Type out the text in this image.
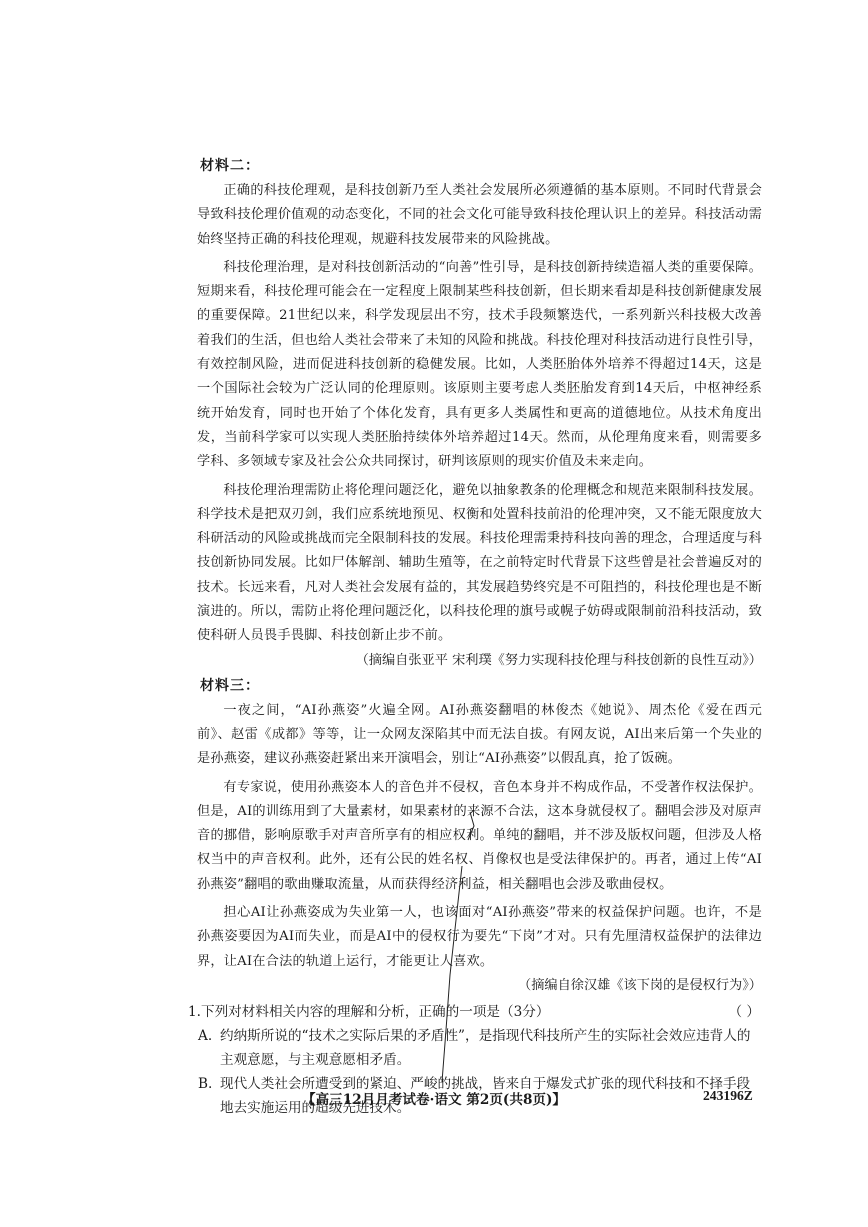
材料二：

正确的科技伦理观，是科技创新乃至人类社会发展所必须遵循的基本原则。不同时代背景会导致科技伦理价值观的动态变化，不同的社会文化可能导致科技伦理认识上的差异。科技活动需始终坚持正确的科技伦理观，规避科技发展带来的风险挑战。

科技伦理治理，是对科技创新活动的“向善”性引导，是科技创新持续造福人类的重要保障。短期来看，科技伦理可能会在一定程度上限制某些科技创新，但长期来看却是科技创新健康发展的重要保障。21世纪以来，科学发现层出不穷，技术手段频繁迭代，一系列新兴科技极大改善着我们的生活，但也给人类社会带来了未知的风险和挑战。科技伦理对科技活动进行良性引导，有效控制风险，进而促进科技创新的稳健发展。比如，人类胚胎体外培养不得超过14天，这是一个国际社会较为广泛认同的伦理原则。该原则主要考虑人类胚胎发育到14天后，中枢神经系统开始发育，同时也开始了个体化发育，具有更多人类属性和更高的道德地位。从技术角度出发，当前科学家可以实现人类胚胎持续体外培养超过14天。然而，从伦理角度来看，则需要多学科、多领域专家及社会公众共同探讨，研判该原则的现实价值及未来走向。

科技伦理治理需防止将伦理问题泛化，避免以抽象教条的伦理概念和规范来限制科技发展。科学技术是把双刃剑，我们应系统地预见、权衡和处置科技前沿的伦理冲突，又不能无限度放大科研活动的风险或挑战而完全限制科技的发展。科技伦理需秉持科技向善的理念，合理适度与科技创新协同发展。比如尸体解剖、辅助生殖等，在之前特定时代背景下这些曾是社会普遍反对的技术。长远来看，凡对人类社会发展有益的，其发展趋势终究是不可阻挡的，科技伦理也是不断演进的。所以，需防止将伦理问题泛化，以科技伦理的旗号或幌子妨碍或限制前沿科技活动，致使科研人员畏手畏脚、科技创新止步不前。

（摘编自张亚平 宋利璞《努力实现科技伦理与科技创新的良性互动》）
材料三：

一夜之间，“AI孙燕姿”火遍全网。AI孙燕姿翻唱的林俊杰《她说》、周杰伦《爱在西元前》、赵雷《成都》等等，让一众网友深陷其中而无法自拔。有网友说，AI出来后第一个失业的是孙燕姿，建议孙燕姿赶紧出来开演唱会，别让“AI孙燕姿”以假乱真，抢了饭碗。

有专家说，使用孙燕姿本人的音色并不侵权，音色本身并不构成作品，不受著作权法保护。但是，AI的训练用到了大量素材，如果素材的来源不合法，这本身就侵权了。翻唱会涉及对原声音的挪借，影响原歌手对声音所享有的相应权利。单纯的翻唱，并不涉及版权问题，但涉及人格权当中的声音权利。此外，还有公民的姓名权、肖像权也是受法律保护的。再者，通过上传“AI孙燕姿”翻唱的歌曲赚取流量，从而获得经济利益，相关翻唱也会涉及歌曲侵权。

担心AI让孙燕姿成为失业第一人，也该面对“AI孙燕姿”带来的权益保护问题。也许，不是孙燕姿要因为AI而失业，而是AI中的侵权行为要先“下岗”才对。只有先厘清权益保护的法律边界，让AI在合法的轨道上运行，才能更让人喜欢。

（摘编自徐汉雄《该下岗的是侵权行为》）
1.下列对材料相关内容的理解和分析，正确的一项是（3分）	（ ）
A. 约纳斯所说的“技术之实际后果的矛盾性”，是指现代科技所产生的实际社会效应违背人的主观意愿，与主观意愿相矛盾。
B. 现代人类社会所遭受到的紧迫、严峻的挑战，皆来自于爆发式扩张的现代科技和不择手段地去实施运用的超级先进技术。
【高三12月月考试卷·语文 第2页(共8页)】	243196Z
